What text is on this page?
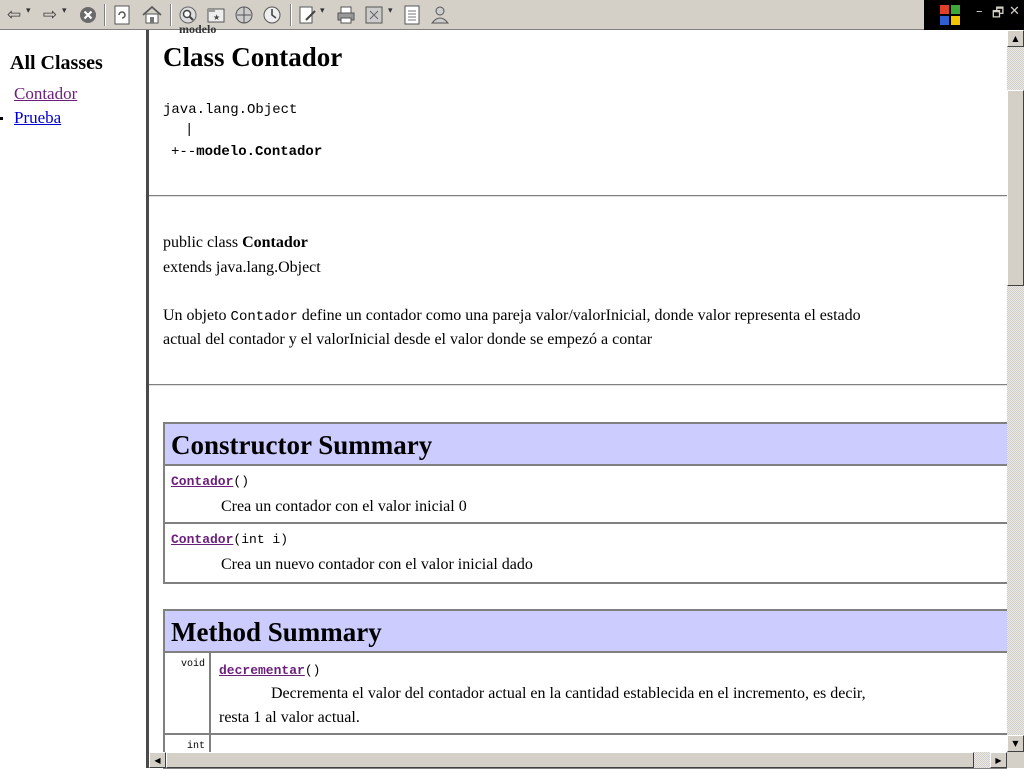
⇦ ▾ ⇨ ▾
★
▾	▾	– 🗗 ✕
All Classes
Contador
Prueba
modelo
Class Contador
java.lang.Object
|
+--modelo.Contador
public class Contador
extends java.lang.Object
Un objeto Contador define un contador como una pareja valor/valorInicial, donde valor representa el estado
actual del contador y el valorInicial desde el valor donde se empezó a contar
Constructor Summary
Contador()
Crea un contador con el valor inicial 0
Contador(int i)
Crea un nuevo contador con el valor inicial dado
Method Summary
void decrementar()
Decrementa el valor del contador actual en la cantidad establecida en el incremento, es decir,
resta 1 al valor actual.
int
▲
▼
◀	▶
